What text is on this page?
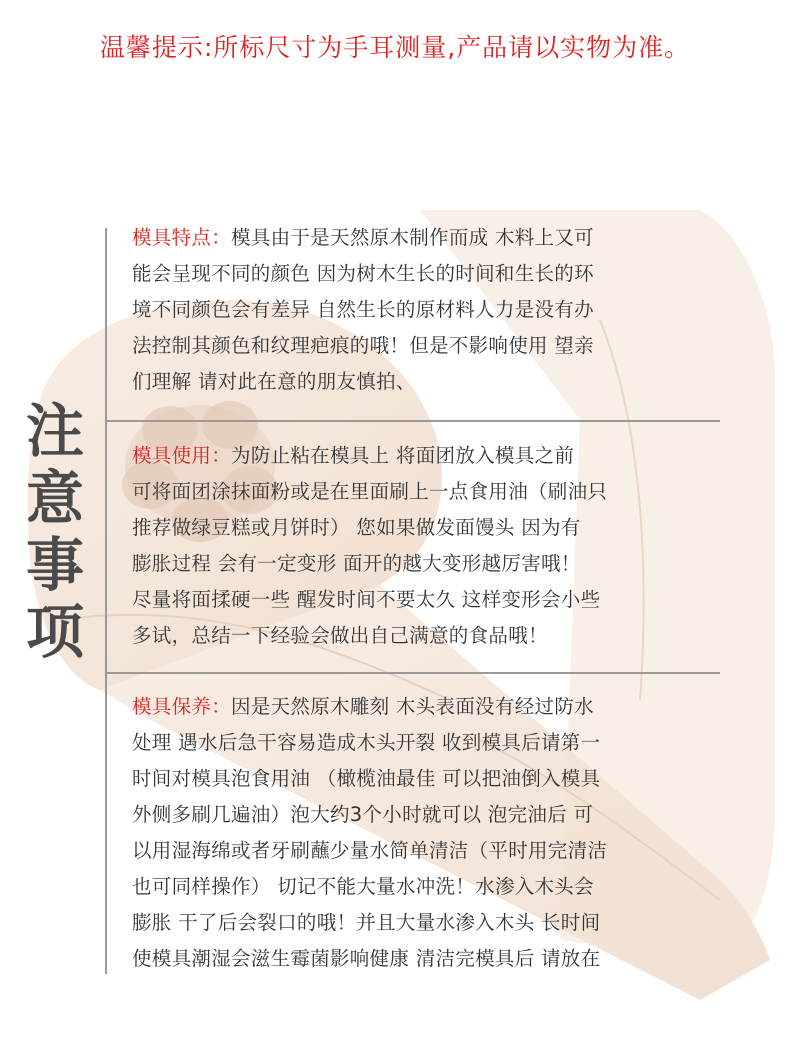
温馨提示:所标尺寸为手耳测量,产品请以实物为准。
注
意
事
项

模具特点：模具由于是天然原木制作而成 木料上又可

能会呈现不同的颜色 因为树木生长的时间和生长的环

境不同颜色会有差异 自然生长的原材料人力是没有办

法控制其颜色和纹理疤痕的哦！但是不影响使用 望亲

们理解 请对此在意的朋友慎拍、

模具使用：为防止粘在模具上 将面团放入模具之前

可将面团涂抹面粉或是在里面刷上一点食用油（刷油只

推荐做绿豆糕或月饼时） 您如果做发面馒头 因为有

膨胀过程 会有一定变形 面开的越大变形越厉害哦！

尽量将面揉硬一些 醒发时间不要太久 这样变形会小些

多试，总结一下经验会做出自己满意的食品哦！

模具保养：因是天然原木雕刻 木头表面没有经过防水

处理 遇水后急干容易造成木头开裂 收到模具后请第一

时间对模具泡食用油 （橄榄油最佳 可以把油倒入模具

外侧多刷几遍油）泡大约3个小时就可以 泡完油后 可

以用湿海绵或者牙刷蘸少量水简单清洁（平时用完清洁

也可同样操作） 切记不能大量水冲洗！水渗入木头会

膨胀 干了后会裂口的哦！并且大量水渗入木头 长时间

使模具潮湿会滋生霉菌影响健康 清洁完模具后 请放在
